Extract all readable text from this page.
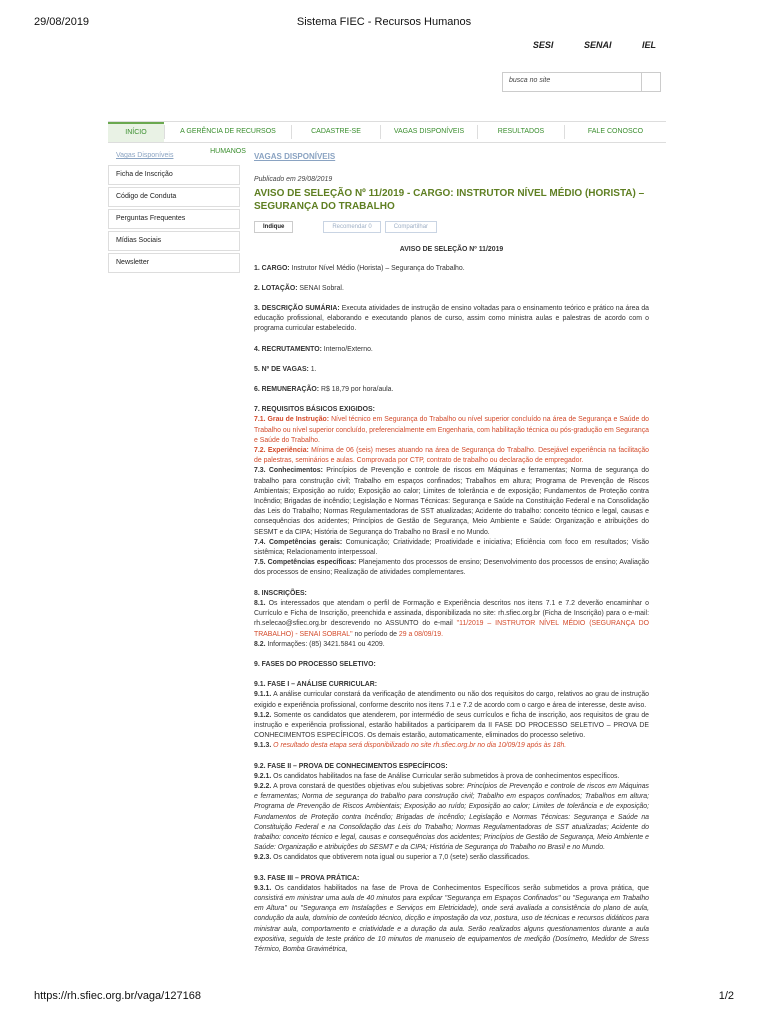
29/08/2019	Sistema FIEC - Recursos Humanos
SESI	SENAI	IEL
busca no site
INÍCIO	A GERÊNCIA DE RECURSOS HUMANOS
CADASTRE-SE	VAGAS DISPONÍVEIS	RESULTADOS	FALE CONOSCO
Vagas Disponíveis
Ficha de Inscrição
Código de Conduta
Perguntas Frequentes
Mídias Sociais
Newsletter
VAGAS DISPONÍVEIS
Publicado em 29/08/2019
AVISO DE SELEÇÃO Nº 11/2019 - CARGO: INSTRUTOR NÍVEL MÉDIO (HORISTA) – SEGURANÇA DO TRABALHO
Indique	Recomendar 0	Compartilhar
AVISO DE SELEÇÃO Nº 11/2019

1. CARGO: Instrutor Nível Médio (Horista) – Segurança do Trabalho.

2. LOTAÇÃO: SENAI Sobral.

3. DESCRIÇÃO SUMÁRIA: Executa atividades de instrução de ensino voltadas para o ensinamento teórico e prático na área da educação profissional, elaborando e executando planos de curso, assim como ministra aulas e palestras de acordo com o programa curricular estabelecido.

4. RECRUTAMENTO: Interno/Externo.

5. Nº DE VAGAS: 1.

6. REMUNERAÇÃO: R$ 18,79 por hora/aula.

7. REQUISITOS BÁSICOS EXIGIDOS:

7.1. Grau de Instrução: Nível técnico em Segurança do Trabalho ou nível superior concluído na área de Segurança e Saúde do Trabalho ou nível superior concluído, preferencialmente em Engenharia, com habilitação técnica ou pós-gradução em Segurança e Saúde do Trabalho.

7.2. Experiência: Mínima de 06 (seis) meses atuando na área de Segurança do Trabalho. Desejável experiência na facilitação de palestras, seminários e aulas. Comprovada por CTP, contrato de trabalho ou declaração de empregador.

7.3. Conhecimentos: Princípios de Prevenção e controle de riscos em Máquinas e ferramentas; Norma de segurança do trabalho para construção civil; Trabalho em espaços confinados; Trabalhos em altura; Programa de Prevenção de Riscos Ambientais; Exposição ao ruído; Exposição ao calor; Limites de tolerância e de exposição; Fundamentos de Proteção contra Incêndio; Brigadas de incêndio; Legislação e Normas Técnicas: Segurança e Saúde na Constituição Federal e na Consolidação das Leis do Trabalho; Normas Regulamentadoras de SST atualizadas; Acidente do trabalho: conceito técnico e legal, causas e consequências dos acidentes; Princípios de Gestão de Segurança, Meio Ambiente e Saúde: Organização e atribuições do SESMT e da CIPA; História de Segurança do Trabalho no Brasil e no Mundo.

7.4. Competências gerais: Comunicação; Criatividade; Proatividade e iniciativa; Eficiência com foco em resultados; Visão sistêmica; Relacionamento interpessoal.

7.5. Competências específicas: Planejamento dos processos de ensino; Desenvolvimento dos processos de ensino; Avaliação dos processos de ensino; Realização de atividades complementares.

8. INSCRIÇÕES:

8.1. Os interessados que atendam o perfil de Formação e Experiência descritos nos itens 7.1 e 7.2 deverão encaminhar o Currículo e Ficha de Inscrição, preenchida e assinada, disponibilizada no site: rh.sfiec.org.br (Ficha de Inscrição) para o e-mail: rh.selecao@sfiec.org.br descrevendo no ASSUNTO do e-mail "11/2019 – INSTRUTOR NÍVEL MÉDIO (SEGURANÇA DO TRABALHO) - SENAI SOBRAL" no período de 29 a 08/09/19.

8.2. Informações: (85) 3421.5841 ou 4209.

9. FASES DO PROCESSO SELETIVO:

9.1. FASE I – ANÁLISE CURRICULAR:

9.1.1. A análise curricular constará da verificação de atendimento ou não dos requisitos do cargo, relativos ao grau de instrução exigido e experiência profissional, conforme descrito nos itens 7.1 e 7.2 de acordo com o cargo e área de interesse, deste aviso.

9.1.2. Somente os candidatos que atenderem, por intermédio de seus currículos e ficha de inscrição, aos requisitos de grau de instrução e experiência profissional, estarão habilitados a participarem da II FASE DO PROCESSO SELETIVO – PROVA DE CONHECIMENTOS ESPECÍFICOS. Os demais estarão, automaticamente, eliminados do processo seletivo.

9.1.3. O resultado desta etapa será disponibilizado no site rh.sfiec.org.br no dia 10/09/19 após às 18h.

9.2. FASE II – PROVA DE CONHECIMENTOS ESPECÍFICOS:

9.2.1. Os candidatos habilitados na fase de Análise Curricular serão submetidos à prova de conhecimentos específicos.

9.2.2. A prova constará de questões objetivas e/ou subjetivas sobre: Princípios de Prevenção e controle de riscos em Máquinas e ferramentas; Norma de segurança do trabalho para construção civil; Trabalho em espaços confinados; Trabalhos em altura; Programa de Prevenção de Riscos Ambientais; Exposição ao ruído; Exposição ao calor; Limites de tolerância e de exposição; Fundamentos de Proteção contra Incêndio; Brigadas de incêndio; Legislação e Normas Técnicas: Segurança e Saúde na Constituição Federal e na Consolidação das Leis do Trabalho; Normas Regulamentadoras de SST atualizadas; Acidente do trabalho: conceito técnico e legal, causas e consequências dos acidentes; Princípios de Gestão de Segurança, Meio Ambiente e Saúde: Organização e atribuições do SESMT e da CIPA; História de Segurança do Trabalho no Brasil e no Mundo.

9.2.3. Os candidatos que obtiverem nota igual ou superior a 7,0 (sete) serão classificados.

9.3. FASE III – PROVA PRÁTICA:

9.3.1. Os candidatos habilitados na fase de Prova de Conhecimentos Específicos serão submetidos a prova prática, que consistirá em ministrar uma aula de 40 minutos para explicar "Segurança em Espaços Confinados" ou "Segurança em Trabalho em Altura" ou "Segurança em Instalações e Serviços em Eletricidade), onde será avaliada a consistência do plano de aula, condução da aula, domínio de conteúdo técnico, dicção e impostação da voz, postura, uso de técnicas e recursos didáticos para ministrar aula, comportamento e criatividade e a duração da aula. Serão realizados alguns questionamentos durante a aula expositiva, seguida de teste prático de 10 minutos de manuseio de equipamentos de medição (Dosímetro, Medidor de Stress Térmico, Bomba Gravimétrica,

https://rh.sfiec.org.br/vaga/127168	1/2
